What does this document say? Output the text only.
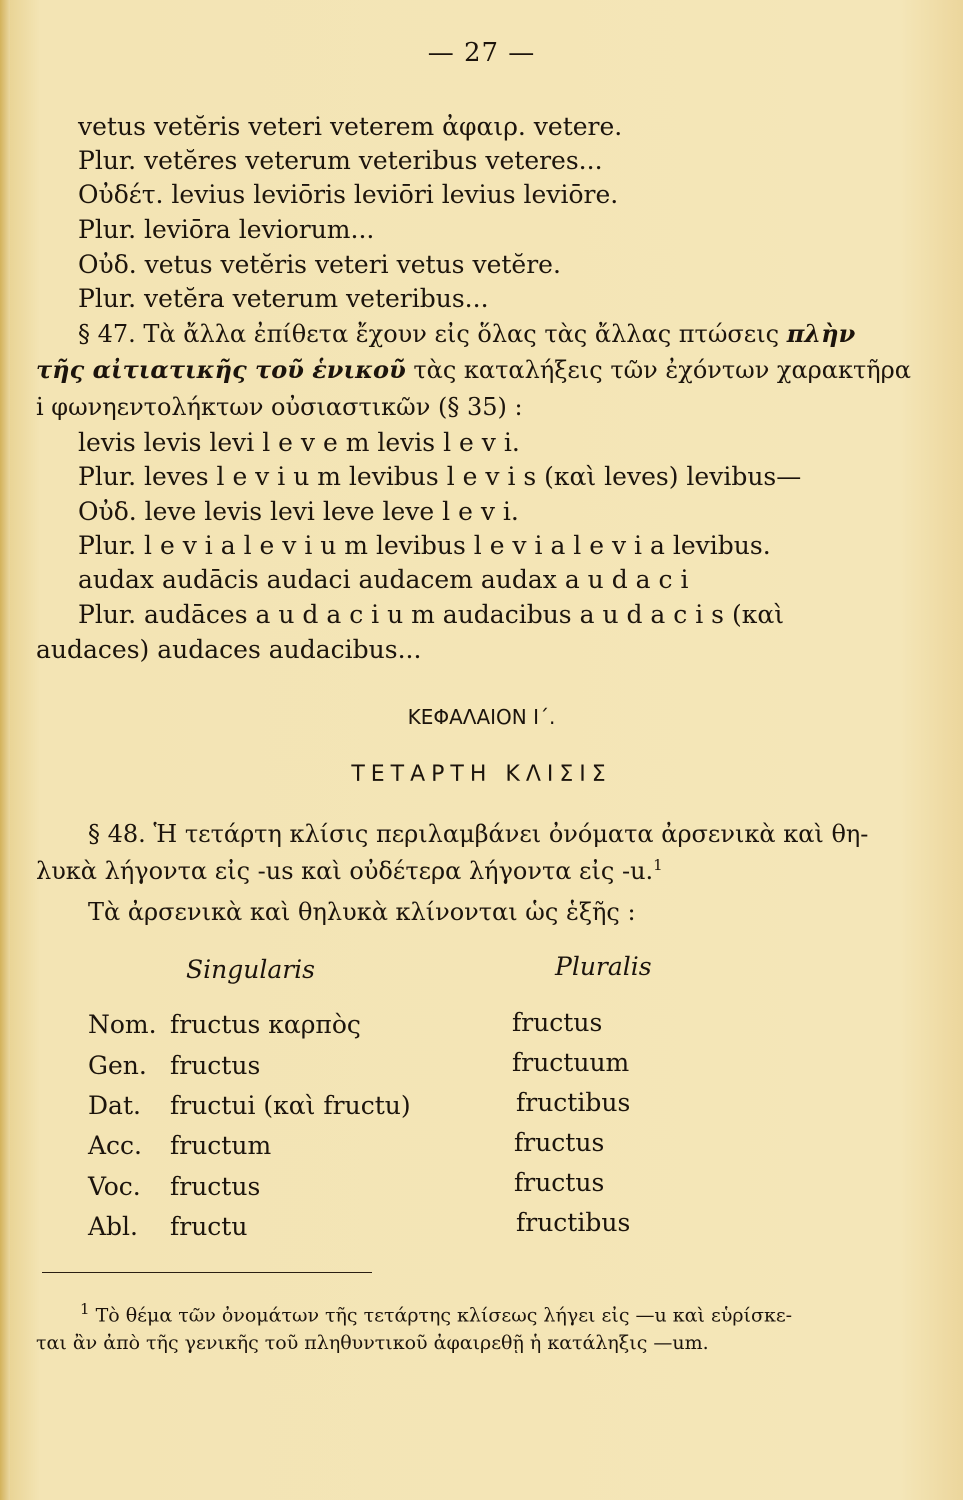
— 27 —
vetus vetĕris veteri veterem ἀφαιρ. vetere.
Plur. vetĕres veterum veteribus veteres...
Οὐδέτ. levius leviōris leviōri levius leviōre.
Plur. leviōra leviorum...
Οὐδ. vetus vetĕris veteri vetus vetĕre.
Plur. vetĕra veterum veteribus...
§ 47. Τὰ ἄλλα ἐπίθετα ἔχουν εἰς ὅλας τὰς ἄλλας πτώσεις πλὴν
τῆς αἰτιατικῆς τοῦ ἑνικοῦ τὰς καταλήξεις τῶν ἐχόντων χαρακτῆρα
i φωνηεντολήκτων οὐσιαστικῶν (§ 35) :
levis levis levi l e v e m levis l e v i.
Plur. leves l e v i u m levibus l e v i s (καὶ leves) levibus—
Οὐδ. leve levis levi leve leve l e v i.
Plur. l e v i a l e v i u m levibus l e v i a l e v i a levibus.
audax audācis audaci audacem audax a u d a c i
Plur. audāces a u d a c i u m audacibus a u d a c i s (καὶ
audaces) audaces audacibus...
ΚΕΦΑΛΑΙΟΝ Ι΄.
ΤΕΤΑΡΤΗ ΚΛΙΣΙΣ
§ 48. Ἡ τετάρτη κλίσις περιλαμβάνει ὀνόματα ἀρσενικὰ καὶ θη-
λυκὰ λήγοντα εἰς -us καὶ οὐδέτερα λήγοντα εἰς -u.$^1$
Τὰ ἀρσενικὰ καὶ θηλυκὰ κλίνονται ὡς ἑξῆς :
Singularis	Pluralis
Nom. fructus καρπὸς	fructus
Gen. fructus	fructuum
Dat. fructui (καὶ fructu)	fructibus
Acc. fructum	fructus
Voc. fructus	fructus
Abl. fructu	fructibus
$^1$ Τὸ θέμα τῶν ὀνομάτων τῆς τετάρτης κλίσεως λήγει εἰς —u καὶ εὑρίσκε-
ται ἂν ἀπὸ τῆς γενικῆς τοῦ πληθυντικοῦ ἀφαιρεθῇ ἡ κατάληξις —um.
